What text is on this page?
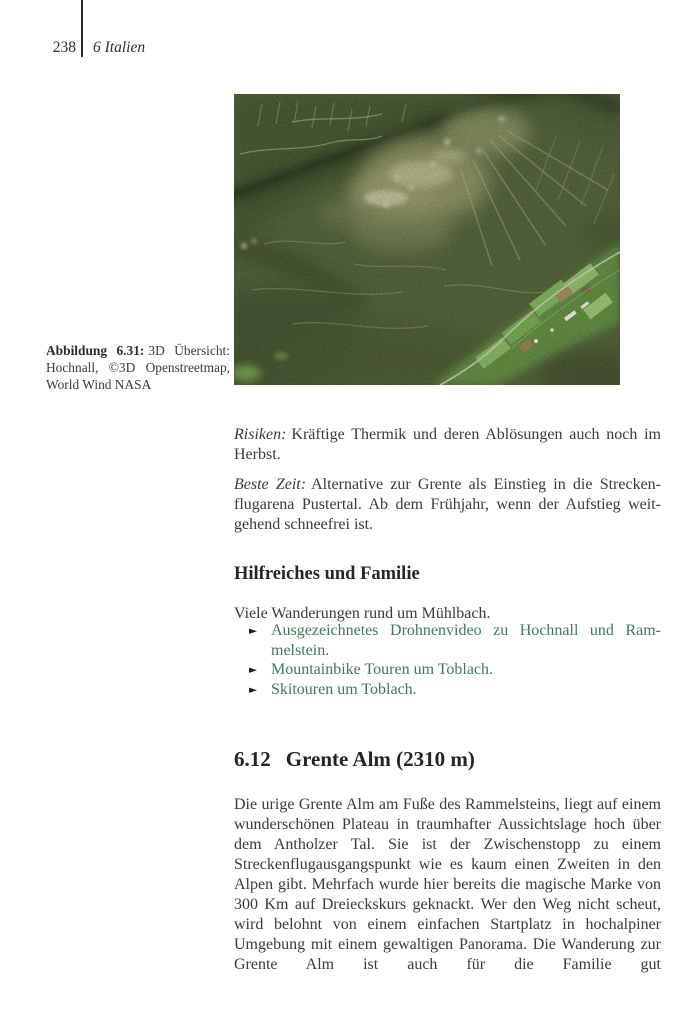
238 6 Italien
Abbildung 6.31: 3D Übersicht: Hochnall, ©3D Openstreetmap, World Wind NASA

Risiken: Kräftige Thermik und deren Ablösungen auch noch im Herbst.

Beste Zeit: Alternative zur Grente als Einstieg in die Streckenflugarena Pustertal. Ab dem Frühjahr, wenn der Aufstieg weitgehend schneefrei ist.

Hilfreiches und Familie

Viele Wanderungen rund um Mühlbach.

► Ausgezeichnetes Drohnenvideo zu Hochnall und Rammelstein.
► Mountainbike Touren um Toblach.
► Skitouren um Toblach.
6.12 Grente Alm (2310 m)

Die urige Grente Alm am Fuße des Rammelsteins, liegt auf einem wunderschönen Plateau in traumhafter Aussichtslage hoch über dem Antholzer Tal. Sie ist der Zwischenstopp zu einem Streckenflugausgangspunkt wie es kaum einen Zweiten in den Alpen gibt. Mehrfach wurde hier bereits die magische Marke von 300 Km auf Dreieckskurs geknackt. Wer den Weg nicht scheut, wird belohnt von einem einfachen Startplatz in hochalpiner Umgebung mit einem gewaltigen Panorama. Die Wanderung zur Grente Alm ist auch für die Familie gut
